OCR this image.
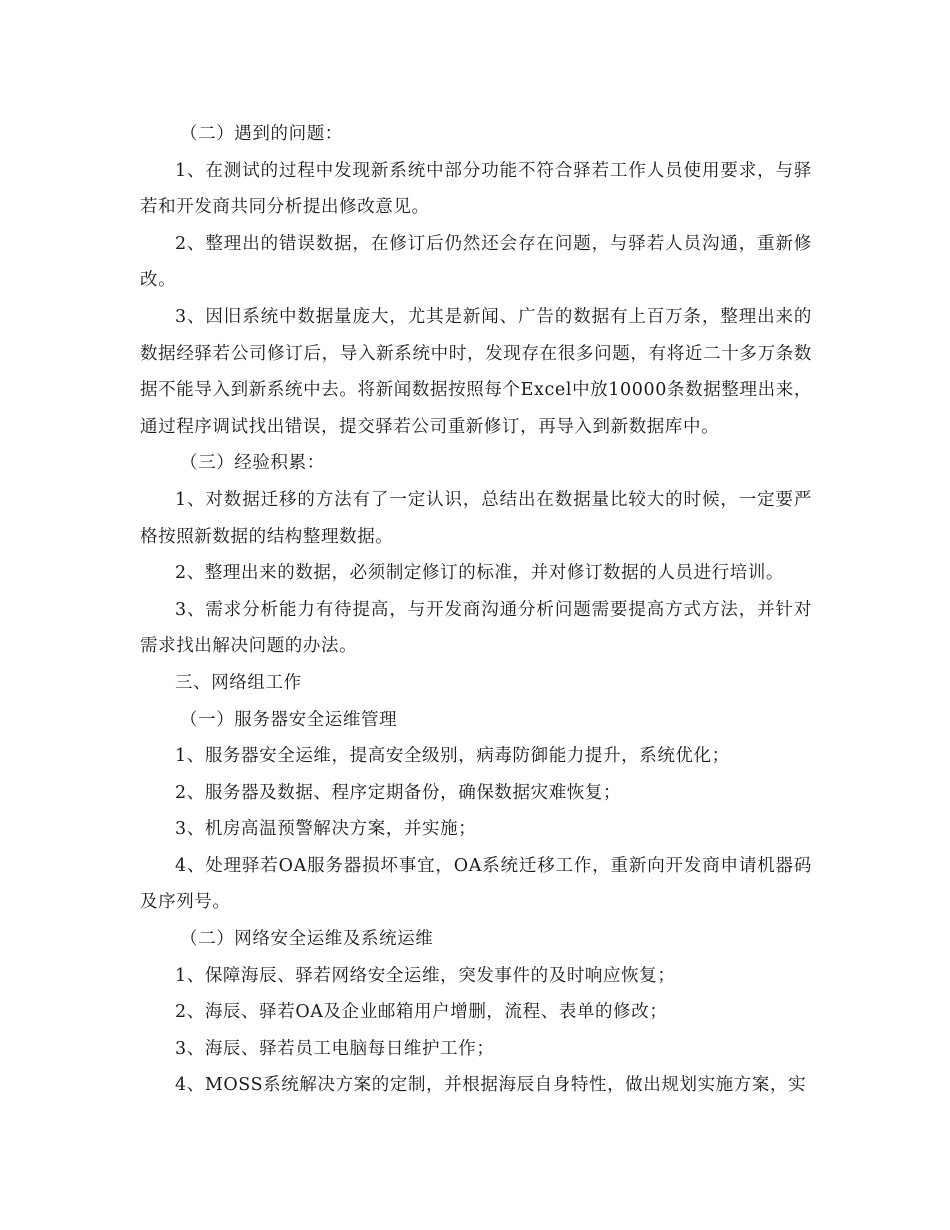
（二）遇到的问题：

1、在测试的过程中发现新系统中部分功能不符合驿若工作人员使用要求，与驿若和开发商共同分析提出修改意见。

2、整理出的错误数据，在修订后仍然还会存在问题，与驿若人员沟通，重新修改。

3、因旧系统中数据量庞大，尤其是新闻、广告的数据有上百万条，整理出来的数据经驿若公司修订后，导入新系统中时，发现存在很多问题，有将近二十多万条数据不能导入到新系统中去。将新闻数据按照每个Excel中放10000条数据整理出来，通过程序调试找出错误，提交驿若公司重新修订，再导入到新数据库中。

（三）经验积累：

1、对数据迁移的方法有了一定认识，总结出在数据量比较大的时候，一定要严格按照新数据的结构整理数据。

2、整理出来的数据，必须制定修订的标准，并对修订数据的人员进行培训。

3、需求分析能力有待提高，与开发商沟通分析问题需要提高方式方法，并针对需求找出解决问题的办法。

三、网络组工作

（一）服务器安全运维管理

1、服务器安全运维，提高安全级别，病毒防御能力提升，系统优化；

2、服务器及数据、程序定期备份，确保数据灾难恢复；

3、机房高温预警解决方案，并实施；

4、处理驿若OA服务器损坏事宜，OA系统迁移工作，重新向开发商申请机器码及序列号。

（二）网络安全运维及系统运维

1、保障海辰、驿若网络安全运维，突发事件的及时响应恢复；

2、海辰、驿若OA及企业邮箱用户增删，流程、表单的修改；

3、海辰、驿若员工电脑每日维护工作；

4、MOSS系统解决方案的定制，并根据海辰自身特性，做出规划实施方案，实
